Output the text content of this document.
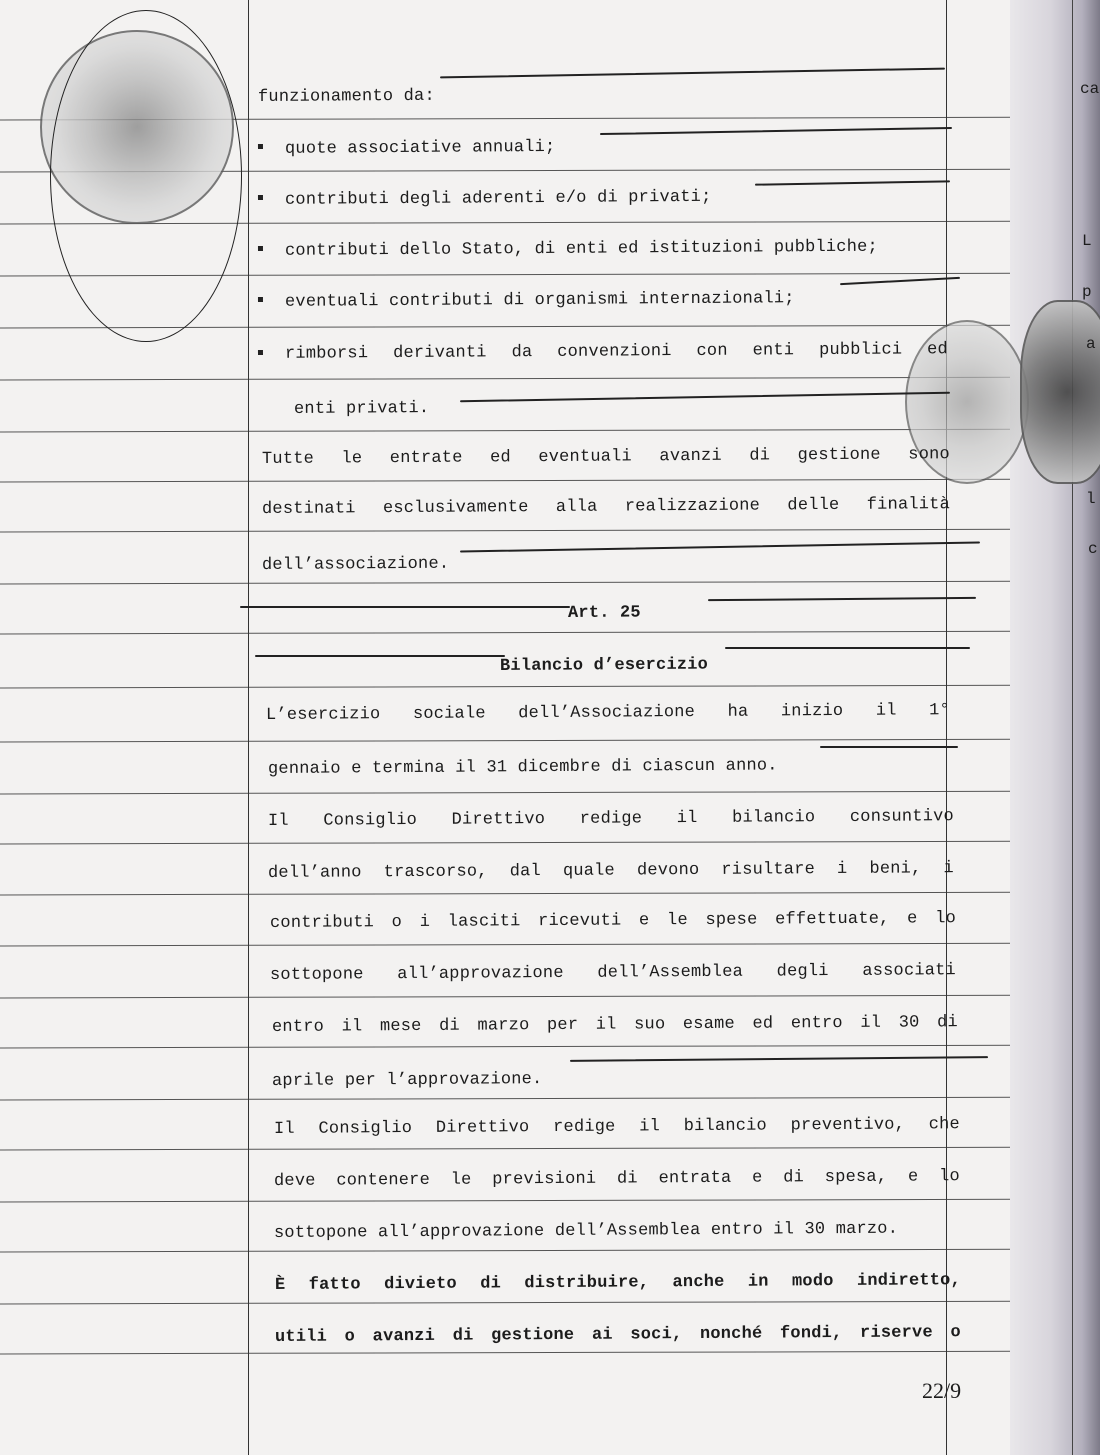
funzionamento da:
quote associative annuali;
contributi degli aderenti e/o di privati;
contributi dello Stato, di enti ed istituzioni pubbliche;
eventuali contributi di organismi internazionali;
rimborsi derivanti da convenzioni con enti pubblici ed
enti privati.
Tutte le entrate ed eventuali avanzi di gestione sono
destinati esclusivamente alla realizzazione delle finalità
dell’associazione.
Art. 25
Bilancio d’esercizio
L’esercizio sociale dell’Associazione ha inizio il 1°
gennaio e termina il 31 dicembre di ciascun anno.
Il Consiglio Direttivo redige il bilancio consuntivo
dell’anno trascorso, dal quale devono risultare i beni, i
contributi o i lasciti ricevuti e le spese effettuate, e lo
sottopone all’approvazione dell’Assemblea degli associati
entro il mese di marzo per il suo esame ed entro il 30 di
aprile per l’approvazione.
Il Consiglio Direttivo redige il bilancio preventivo, che
deve contenere le previsioni di entrata e di spesa, e lo
sottopone all’approvazione dell’Assemblea entro il 30 marzo.
È fatto divieto di distribuire, anche in modo indiretto,
utili o avanzi di gestione ai soci, nonché fondi, riserve o
ca
L
p
a
l
c
22/9
